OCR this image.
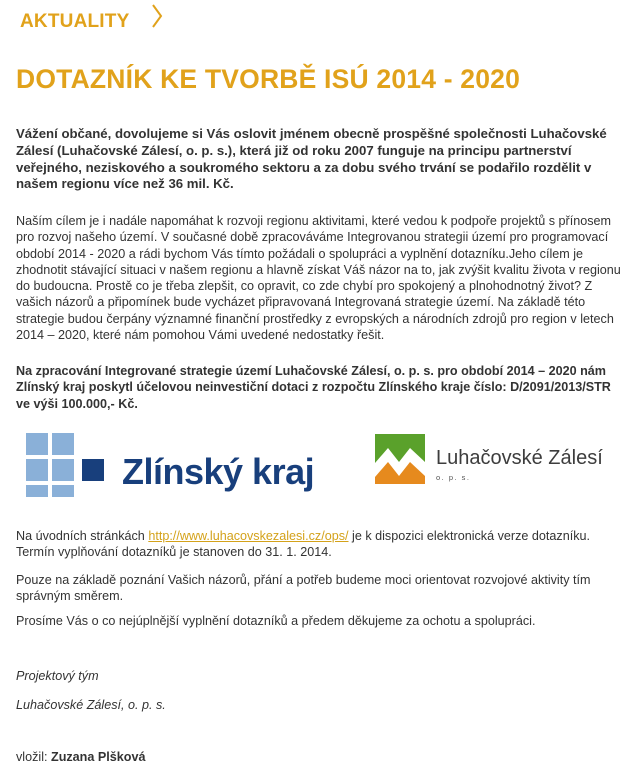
AKTUALITY
DOTAZNÍK KE TVORBĚ ISÚ 2014 - 2020

Vážení občané, dovolujeme si Vás oslovit jménem obecně prospěšné společnosti Luhačovské Zálesí (Luhačovské Zálesí, o. p. s.), která již od roku 2007 funguje na principu partnerství veřejného, neziskového a soukromého sektoru a za dobu svého trvání se podařilo rozdělit v našem regionu více než 36 mil. Kč.

Naším cílem je i nadále napomáhat k rozvoji regionu aktivitami, které vedou k podpoře projektů s přínosem pro rozvoj našeho území. V současné době zpracováváme Integrovanou strategii území pro programovací období 2014 - 2020 a rádi bychom Vás tímto požádali o spolupráci a vyplnění dotazníku.Jeho cílem je zhodnotit stávající situaci v našem regionu a hlavně získat Váš názor na to, jak zvýšit kvalitu života v regionu do budoucna. Prostě co je třeba zlepšit, co opravit, co zde chybí pro spokojený a plnohodnotný život? Z vašich názorů a připomínek bude vycházet připravovaná Integrovaná strategie území. Na základě této strategie budou čerpány významné finanční prostředky z evropských a národních zdrojů pro region v letech 2014 – 2020, které nám pomohou Vámi uvedené nedostatky řešit.

Na zpracování Integrované strategie území Luhačovské Zálesí, o. p. s. pro období 2014 – 2020 nám Zlínský kraj poskytl účelovou neinvestiční dotaci z rozpočtu Zlínského kraje číslo: D/2091/2013/STR ve výši 100.000,- Kč.

Zlínský kraj	Luhačovské Zálesí
o. p. s.

Na úvodních stránkách http://www.luhacovskezalesi.cz/ops/ je k dispozici elektronická verze dotazníku. Termín vyplňování dotazníků je stanoven do 31. 1. 2014.

Pouze na základě poznání Vašich názorů, přání a potřeb budeme moci orientovat rozvojové aktivity tím správným směrem.

Prosíme Vás o co nejúplnější vyplnění dotazníků a předem děkujeme za ochotu a spolupráci.

Projektový tým
Luhačovské Zálesí, o. p. s.
vložil: Zuzana Plšková
